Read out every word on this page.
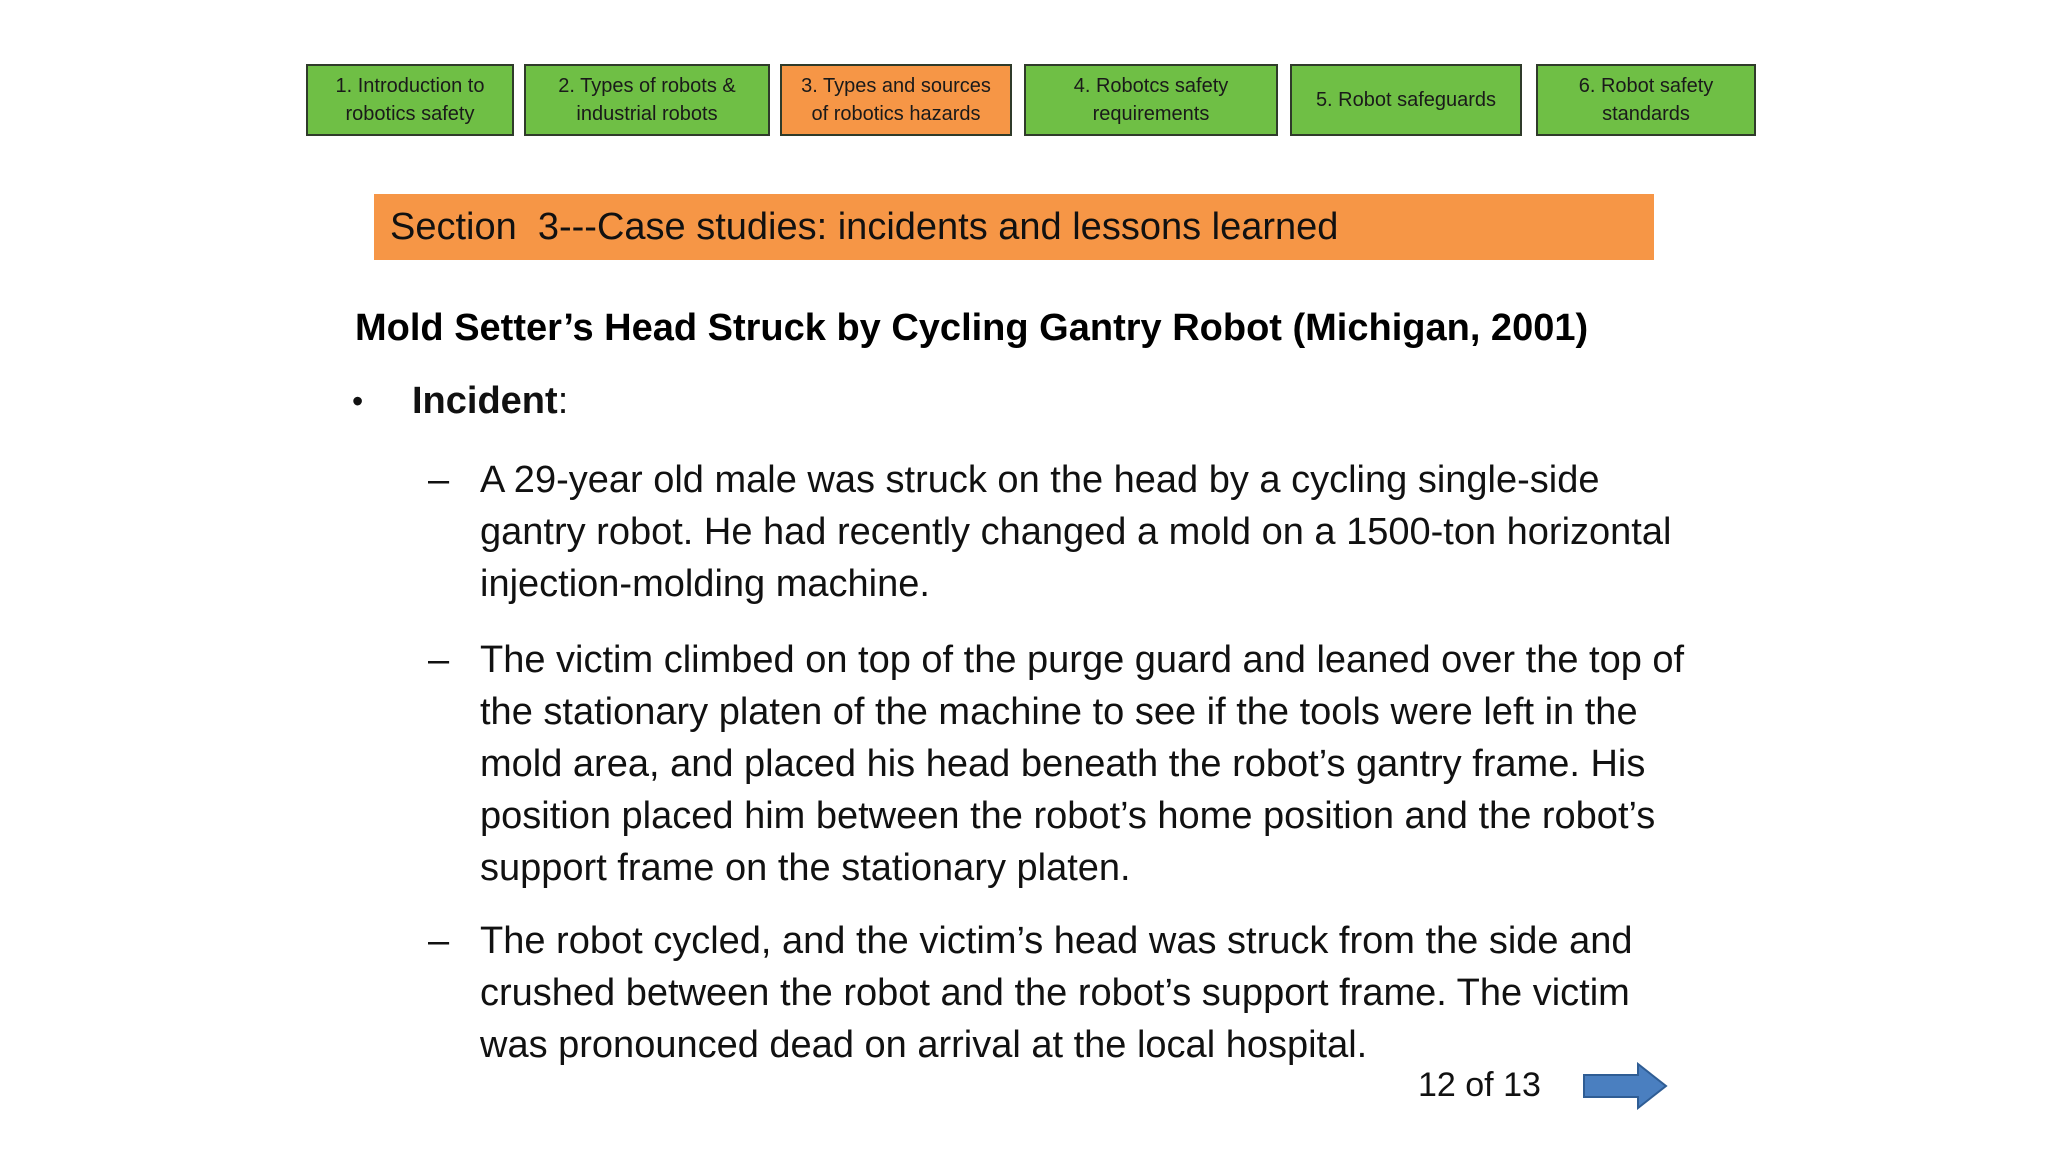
1. Introduction to
robotics safety
2. Types of robots &
industrial robots
3. Types and sources
of robotics hazards
4. Robotcs safety
requirements
5. Robot safeguards
6. Robot safety
standards
Section  3---Case studies: incidents and lessons learned
Mold Setter’s Head Struck by Cycling Gantry Robot (Michigan, 2001)
•	Incident:
– A 29-year old male was struck on the head by a cycling single-side gantry robot. He had recently changed a mold on a 1500-ton horizontal injection-molding machine.
– The victim climbed on top of the purge guard and leaned over the top of the stationary platen of the machine to see if the tools were left in the mold area, and placed his head beneath the robot’s gantry frame. His position placed him between the robot’s home position and the robot’s support frame on the stationary platen.
– The robot cycled, and the victim’s head was struck from the side and crushed between the robot and the robot’s support frame. The victim was pronounced dead on arrival at the local hospital.
12 of 13
